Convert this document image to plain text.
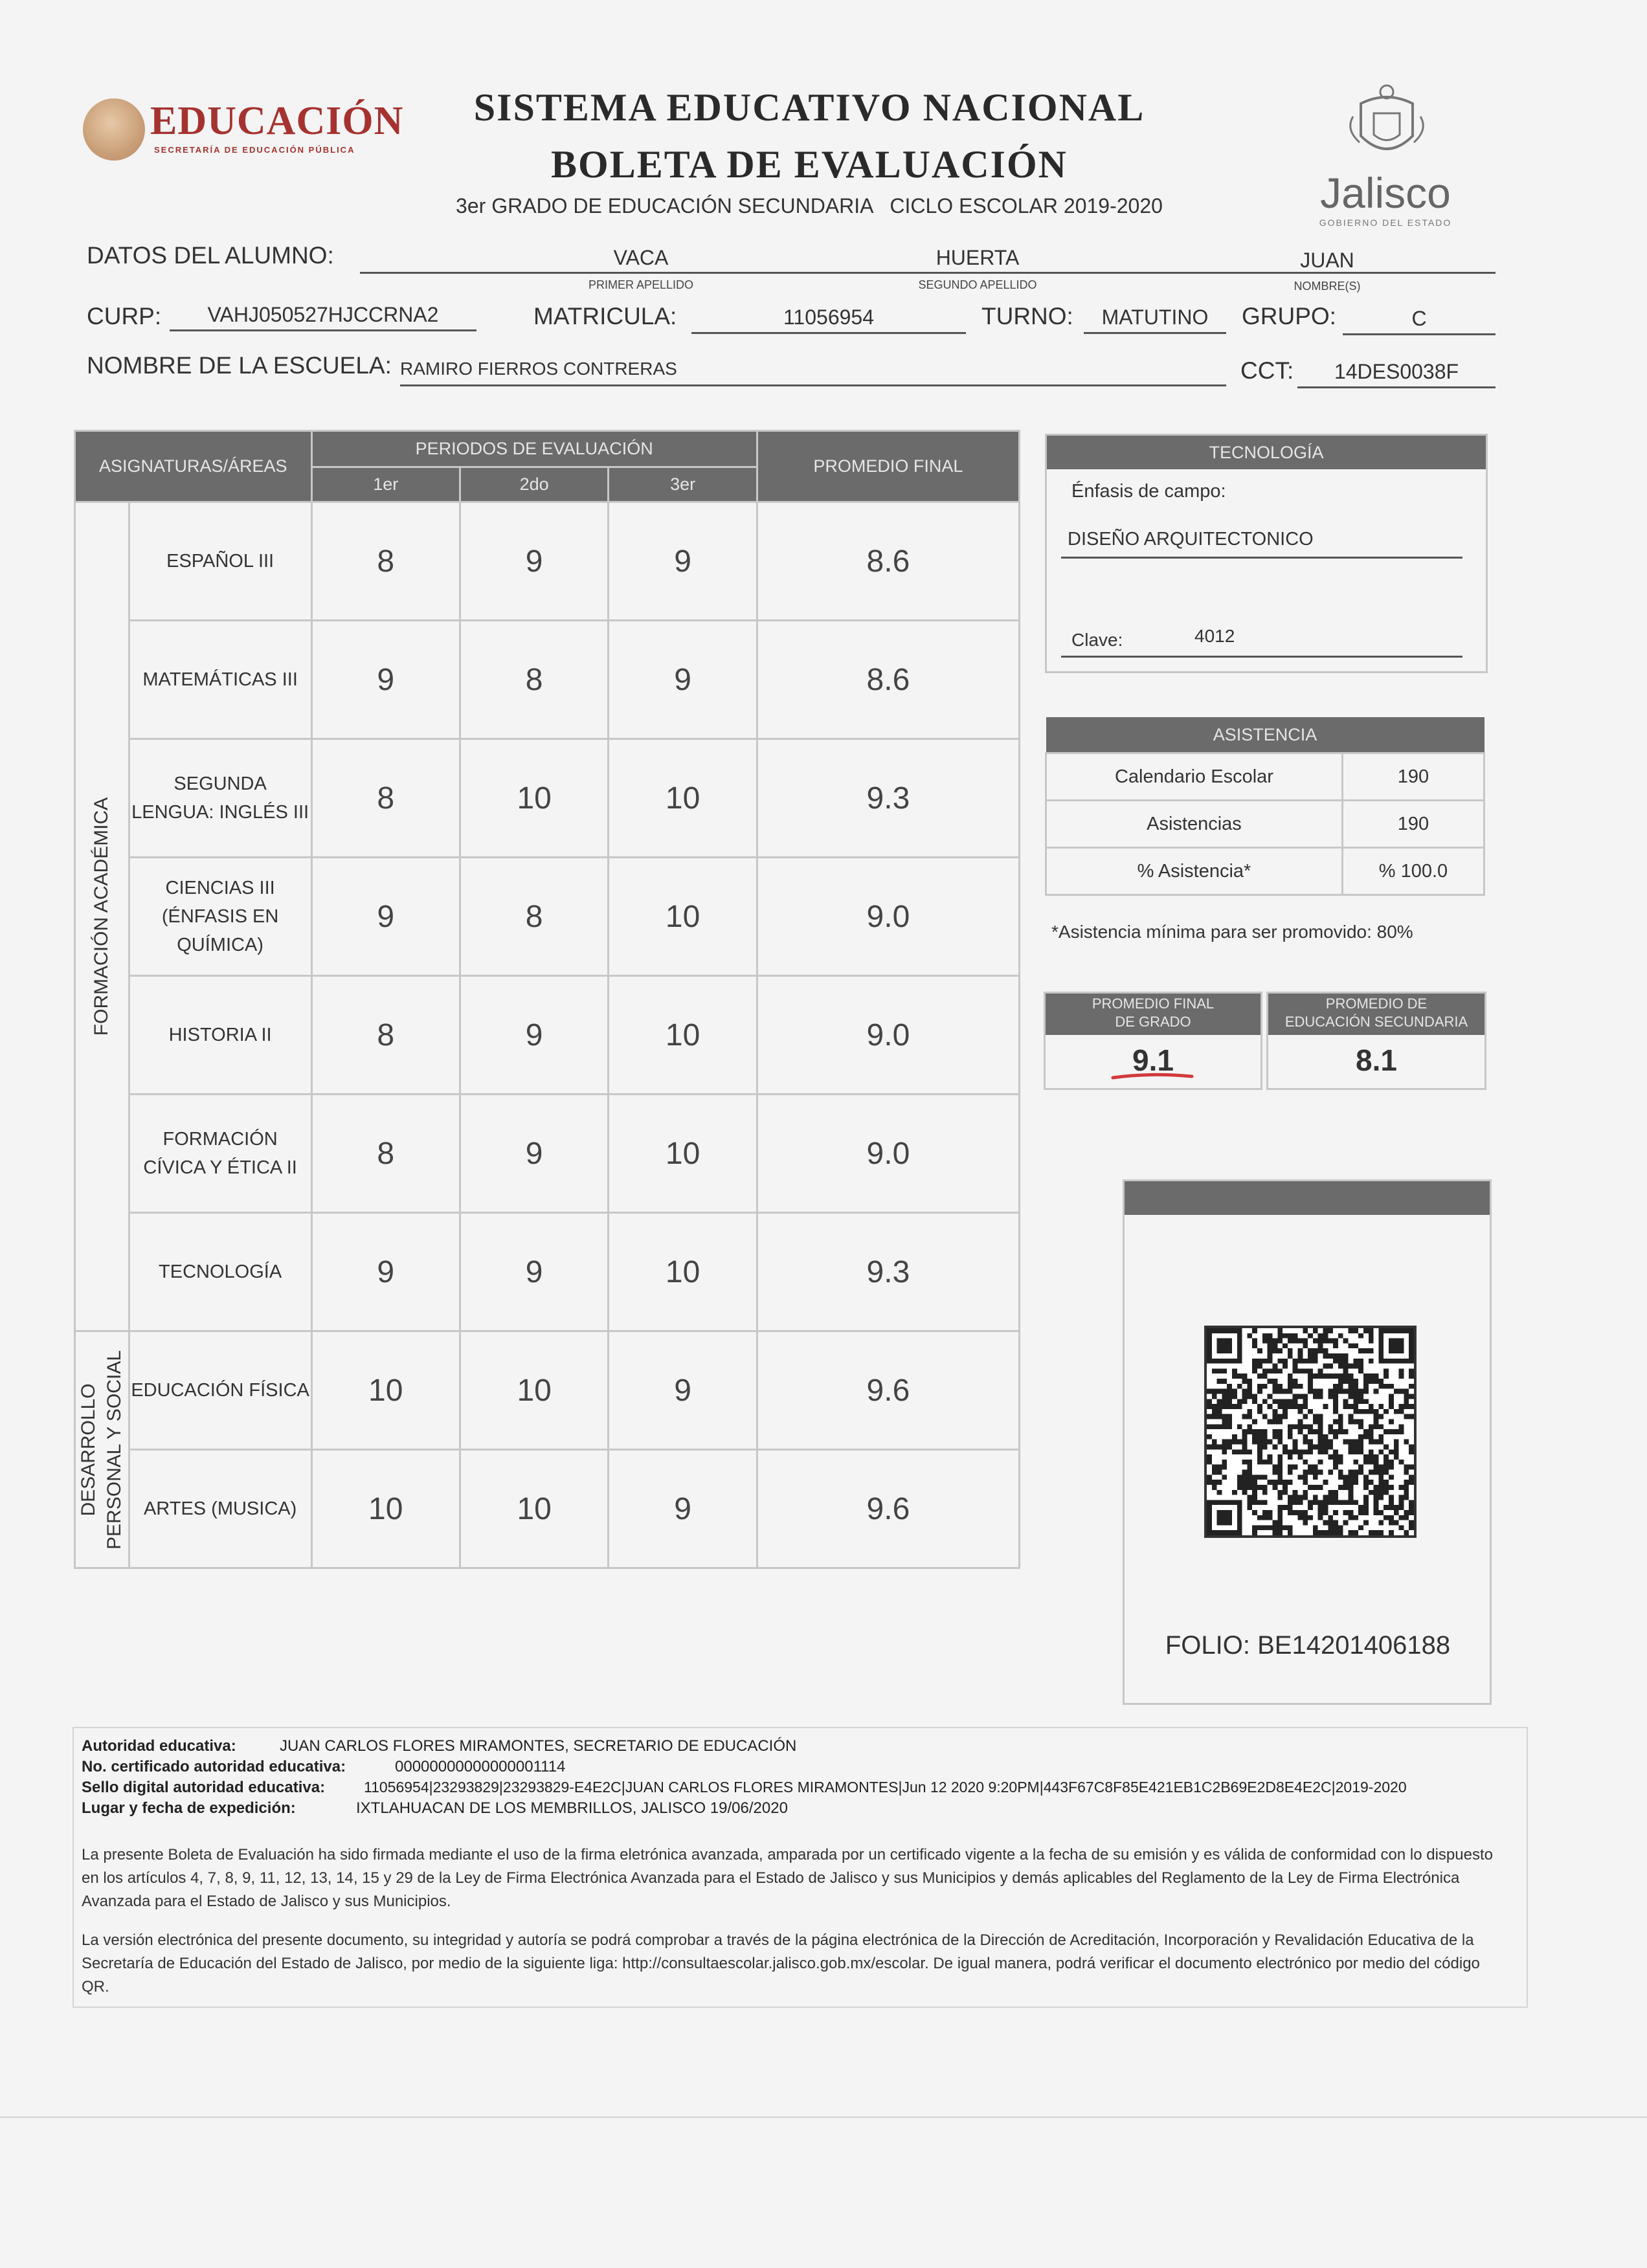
EDUCACIÓN
SECRETARÍA DE EDUCACIÓN PÚBLICA
SISTEMA EDUCATIVO NACIONAL
BOLETA DE EVALUACIÓN
3er GRADO DE EDUCACIÓN SECUNDARIA   CICLO ESCOLAR 2019-2020	Jalisco
GOBIERNO DEL ESTADO
DATOS DEL ALUMNO:	VACA
PRIMER APELLIDO
HUERTA
SEGUNDO APELLIDO
JUAN
NOMBRE(S)
CURP:	VAHJ050527HJCCRNA2	MATRICULA:	11056954	TURNO:	MATUTINO	GRUPO:	C
NOMBRE DE LA ESCUELA: RAMIRO FIERROS CONTRERAS	CCT:	14DES0038F
ASIGNATURAS/ÁREAS		PERIODOS DE EVALUACIÓN			PROMEDIO FINAL
		1er	2do	3er	

FORMACIÓN ACADÉMICA	ESPAÑOL III	8	9	9	8.6
	MATEMÁTICAS III	9	8	9	8.6
	SEGUNDA LENGUA: INGLÉS III	8	10	10	9.3
	CIENCIAS III (ÉNFASIS EN QUÍMICA)	9	8	10	9.0
	HISTORIA II	8	9	10	9.0
	FORMACIÓN CÍVICA Y ÉTICA II	8	9	10	9.0
	TECNOLOGÍA	9	9	10	9.3

DESARROLLO PERSONAL Y SOCIAL	EDUCACIÓN FÍSICA	10	10	9	9.6
	ARTES (MUSICA)	10	10	9	9.6
TECNOLOGÍA
Énfasis de campo:
DISEÑO ARQUITECTONICO
Clave:	4012
ASISTENCIA	
Calendario Escolar	190
Asistencias	190
% Asistencia*	% 100.0
*Asistencia mínima para ser promovido: 80%
PROMEDIO FINAL
DE GRADO
9.1
PROMEDIO DE
EDUCACIÓN SECUNDARIA
8.1
FOLIO: BE14201406188
Autoridad educativa:	JUAN CARLOS FLORES MIRAMONTES, SECRETARIO DE EDUCACIÓN
No. certificado autoridad educativa:	00000000000000001114
Sello digital autoridad educativa:	11056954|23293829|23293829-E4E2C|JUAN CARLOS FLORES MIRAMONTES|Jun 12 2020 9:20PM|443F67C8F85E421EB1C2B69E2D8E4E2C|2019-2020
Lugar y fecha de expedición:	IXTLAHUACAN DE LOS MEMBRILLOS, JALISCO 19/06/2020
La presente Boleta de Evaluación ha sido firmada mediante el uso de la firma eletrónica avanzada, amparada por un certificado vigente a la fecha de su emisión y es válida de conformidad con lo dispuesto en los artículos 4, 7, 8, 9, 11, 12, 13, 14, 15 y 29 de la Ley de Firma Electrónica Avanzada para el Estado de Jalisco y sus Municipios y demás aplicables del Reglamento de la Ley de Firma Electrónica Avanzada para el Estado de Jalisco y sus Municipios.
La versión electrónica del presente documento, su integridad y autoría se podrá comprobar a través de la página electrónica de la Dirección de Acreditación, Incorporación y Revalidación Educativa de la Secretaría de Educación del Estado de Jalisco, por medio de la siguiente liga: http://consultaescolar.jalisco.gob.mx/escolar. De igual manera, podrá verificar el documento electrónico por medio del código QR.
